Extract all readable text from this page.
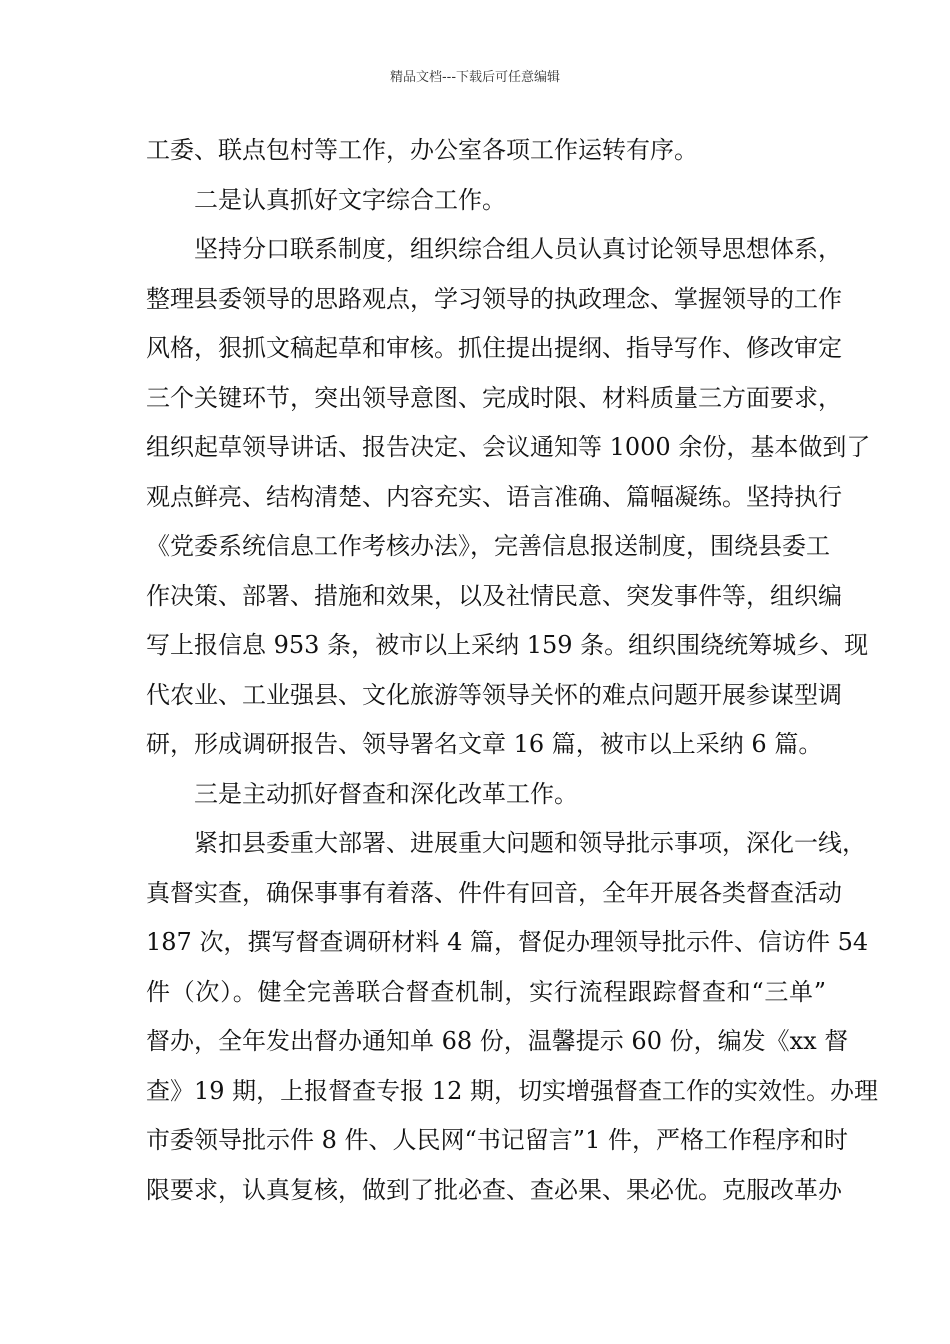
精品文档---下载后可任意编辑
工委、联点包村等工作，办公室各项工作运转有序。
二是认真抓好文字综合工作。
坚持分口联系制度，组织综合组人员认真讨论领导思想体系，
整理县委领导的思路观点，学习领导的执政理念、掌握领导的工作
风格，狠抓文稿起草和审核。抓住提出提纲、指导写作、修改审定
三个关键环节，突出领导意图、完成时限、材料质量三方面要求，
组织起草领导讲话、报告决定、会议通知等 1000 余份，基本做到了
观点鲜亮、结构清楚、内容充实、语言准确、篇幅凝练。坚持执行
《党委系统信息工作考核办法》，完善信息报送制度，围绕县委工
作决策、部署、措施和效果，以及社情民意、突发事件等，组织编
写上报信息 953 条，被市以上采纳 159 条。组织围绕统筹城乡、现
代农业、工业强县、文化旅游等领导关怀的难点问题开展参谋型调
研，形成调研报告、领导署名文章 16 篇，被市以上采纳 6 篇。
三是主动抓好督查和深化改革工作。
紧扣县委重大部署、进展重大问题和领导批示事项，深化一线，
真督实查，确保事事有着落、件件有回音，全年开展各类督查活动
187 次，撰写督查调研材料 4 篇，督促办理领导批示件、信访件 54
件（次）。健全完善联合督查机制，实行流程跟踪督查和“三单”
督办，全年发出督办通知单 68 份，温馨提示 60 份，编发《xx 督
查》19 期，上报督查专报 12 期，切实增强督查工作的实效性。办理
市委领导批示件 8 件、人民网“书记留言”1 件，严格工作程序和时
限要求，认真复核，做到了批必查、查必果、果必优。克服改革办
